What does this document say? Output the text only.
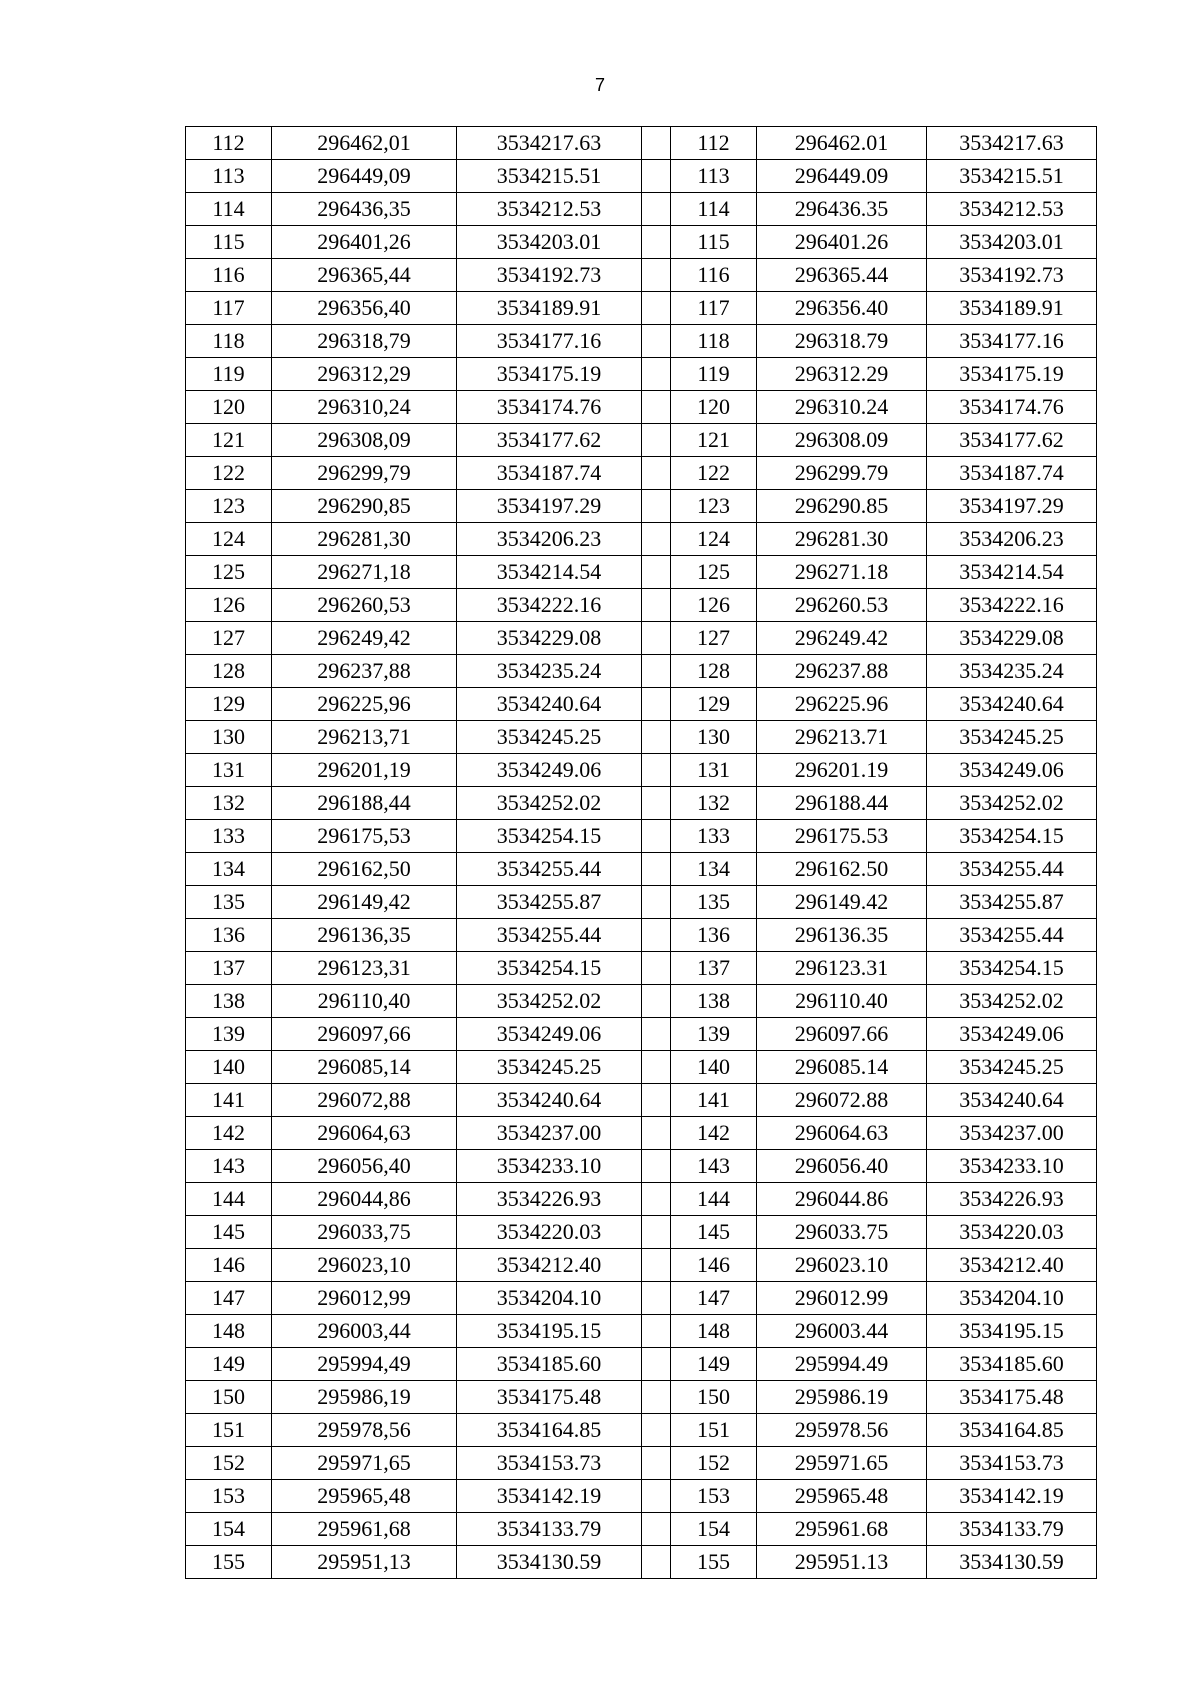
7
112	296462,01	3534217.63		112	296462.01	3534217.63
113	296449,09	3534215.51		113	296449.09	3534215.51
114	296436,35	3534212.53		114	296436.35	3534212.53
115	296401,26	3534203.01		115	296401.26	3534203.01
116	296365,44	3534192.73		116	296365.44	3534192.73
117	296356,40	3534189.91		117	296356.40	3534189.91
118	296318,79	3534177.16		118	296318.79	3534177.16
119	296312,29	3534175.19		119	296312.29	3534175.19
120	296310,24	3534174.76		120	296310.24	3534174.76
121	296308,09	3534177.62		121	296308.09	3534177.62
122	296299,79	3534187.74		122	296299.79	3534187.74
123	296290,85	3534197.29		123	296290.85	3534197.29
124	296281,30	3534206.23		124	296281.30	3534206.23
125	296271,18	3534214.54		125	296271.18	3534214.54
126	296260,53	3534222.16		126	296260.53	3534222.16
127	296249,42	3534229.08		127	296249.42	3534229.08
128	296237,88	3534235.24		128	296237.88	3534235.24
129	296225,96	3534240.64		129	296225.96	3534240.64
130	296213,71	3534245.25		130	296213.71	3534245.25
131	296201,19	3534249.06		131	296201.19	3534249.06
132	296188,44	3534252.02		132	296188.44	3534252.02
133	296175,53	3534254.15		133	296175.53	3534254.15
134	296162,50	3534255.44		134	296162.50	3534255.44
135	296149,42	3534255.87		135	296149.42	3534255.87
136	296136,35	3534255.44		136	296136.35	3534255.44
137	296123,31	3534254.15		137	296123.31	3534254.15
138	296110,40	3534252.02		138	296110.40	3534252.02
139	296097,66	3534249.06		139	296097.66	3534249.06
140	296085,14	3534245.25		140	296085.14	3534245.25
141	296072,88	3534240.64		141	296072.88	3534240.64
142	296064,63	3534237.00		142	296064.63	3534237.00
143	296056,40	3534233.10		143	296056.40	3534233.10
144	296044,86	3534226.93		144	296044.86	3534226.93
145	296033,75	3534220.03		145	296033.75	3534220.03
146	296023,10	3534212.40		146	296023.10	3534212.40
147	296012,99	3534204.10		147	296012.99	3534204.10
148	296003,44	3534195.15		148	296003.44	3534195.15
149	295994,49	3534185.60		149	295994.49	3534185.60
150	295986,19	3534175.48		150	295986.19	3534175.48
151	295978,56	3534164.85		151	295978.56	3534164.85
152	295971,65	3534153.73		152	295971.65	3534153.73
153	295965,48	3534142.19		153	295965.48	3534142.19
154	295961,68	3534133.79		154	295961.68	3534133.79
155	295951,13	3534130.59		155	295951.13	3534130.59
